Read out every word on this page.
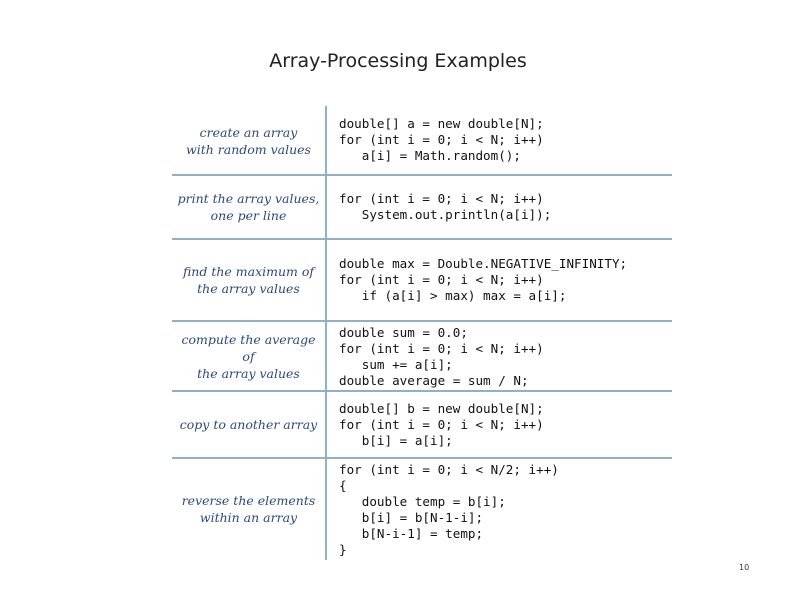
Array-Processing Examples
create an array
with random values
double[] a = new double[N];
for (int i = 0; i < N; i++)
a[i] = Math.random();
print the array values,
one per line
for (int i = 0; i < N; i++)
System.out.println(a[i]);
find the maximum of
the array values
double max = Double.NEGATIVE_INFINITY;
for (int i = 0; i < N; i++)
if (a[i] > max) max = a[i];
compute the average of
the array values
double sum = 0.0;
for (int i = 0; i < N; i++)
sum += a[i];
double average = sum / N;
copy to another array
double[] b = new double[N];
for (int i = 0; i < N; i++)
b[i] = a[i];
reverse the elements
within an array
for (int i = 0; i < N/2; i++)
{
double temp = b[i];
b[i] = b[N-1-i];
b[N-i-1] = temp;
}
10
